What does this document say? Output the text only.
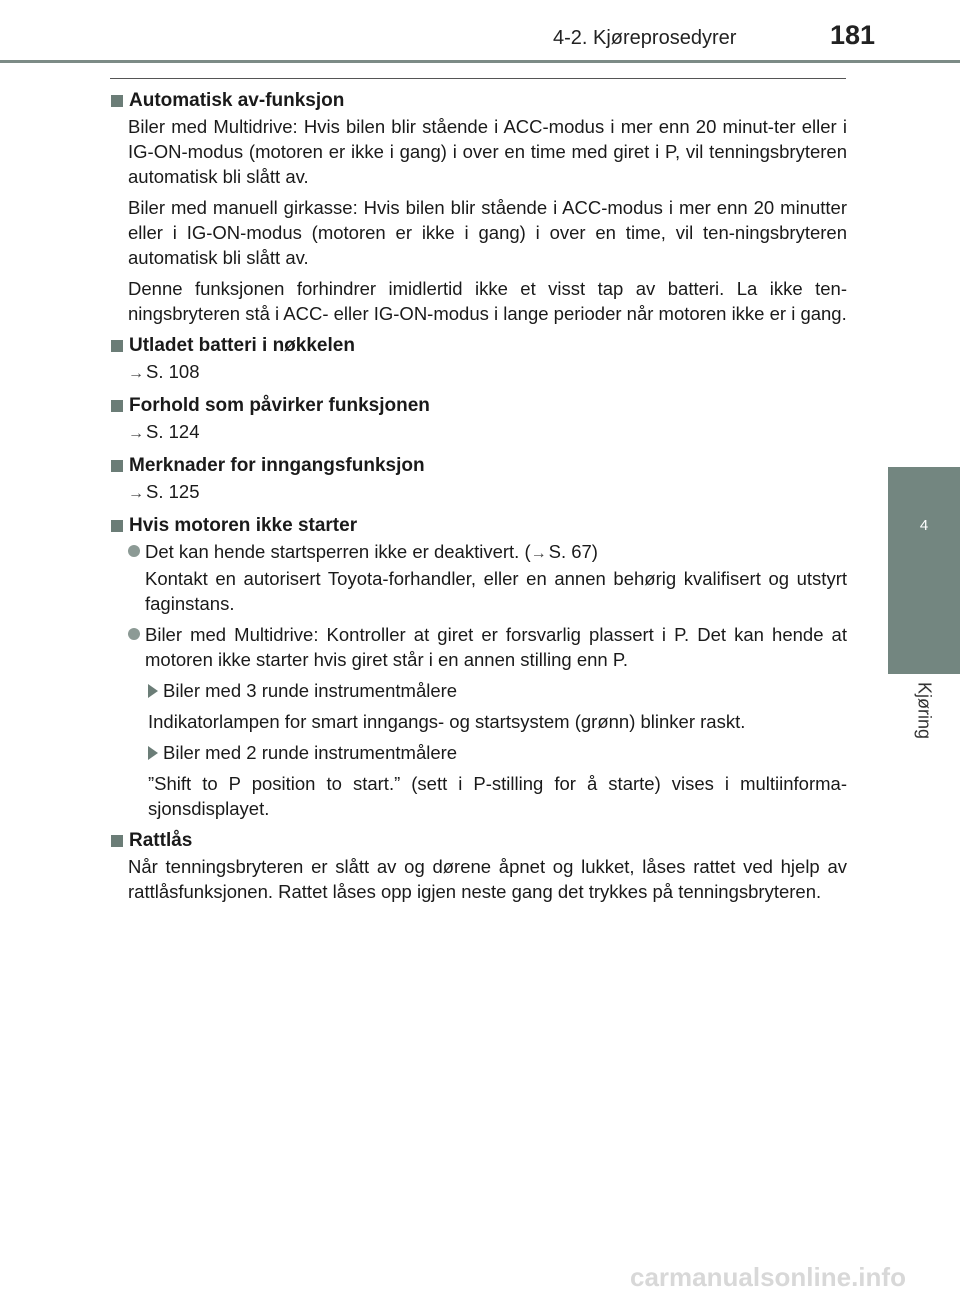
4-2. Kjøreprosedyrer	181
4
Kjøring
Automatisk av-funksjon
Biler med Multidrive: Hvis bilen blir stående i ACC-modus i mer enn 20 minut-ter eller i IG-ON-modus (motoren er ikke i gang) i over en time med giret i P, vil tenningsbryteren automatisk bli slått av.
Biler med manuell girkasse: Hvis bilen blir stående i ACC-modus i mer enn 20 minutter eller i IG-ON-modus (motoren er ikke i gang) i over en time, vil ten-ningsbryteren automatisk bli slått av.
Denne funksjonen forhindrer imidlertid ikke et visst tap av batteri. La ikke ten-ningsbryteren stå i ACC- eller IG-ON-modus i lange perioder når motoren ikke er i gang.
Utladet batteri i nøkkelen
→ S. 108
Forhold som påvirker funksjonen
→ S. 124
Merknader for inngangsfunksjon
→ S. 125
Hvis motoren ikke starter
Det kan hende startsperren ikke er deaktivert. (→ S. 67)
Kontakt en autorisert Toyota-forhandler, eller en annen behørig kvalifisert og utstyrt faginstans.
Biler med Multidrive: Kontroller at giret er forsvarlig plassert i P. Det kan hende at motoren ikke starter hvis giret står i en annen stilling enn P.
Biler med 3 runde instrumentmålere
Indikatorlampen for smart inngangs- og startsystem (grønn) blinker raskt.
Biler med 2 runde instrumentmålere
”Shift to P position to start.” (sett i P-stilling for å starte) vises i multiinforma-sjonsdisplayet.
Rattlås
Når tenningsbryteren er slått av og dørene åpnet og lukket, låses rattet ved hjelp av rattlåsfunksjonen. Rattet låses opp igjen neste gang det trykkes på tenningsbryteren.
carmanualsonline.info
